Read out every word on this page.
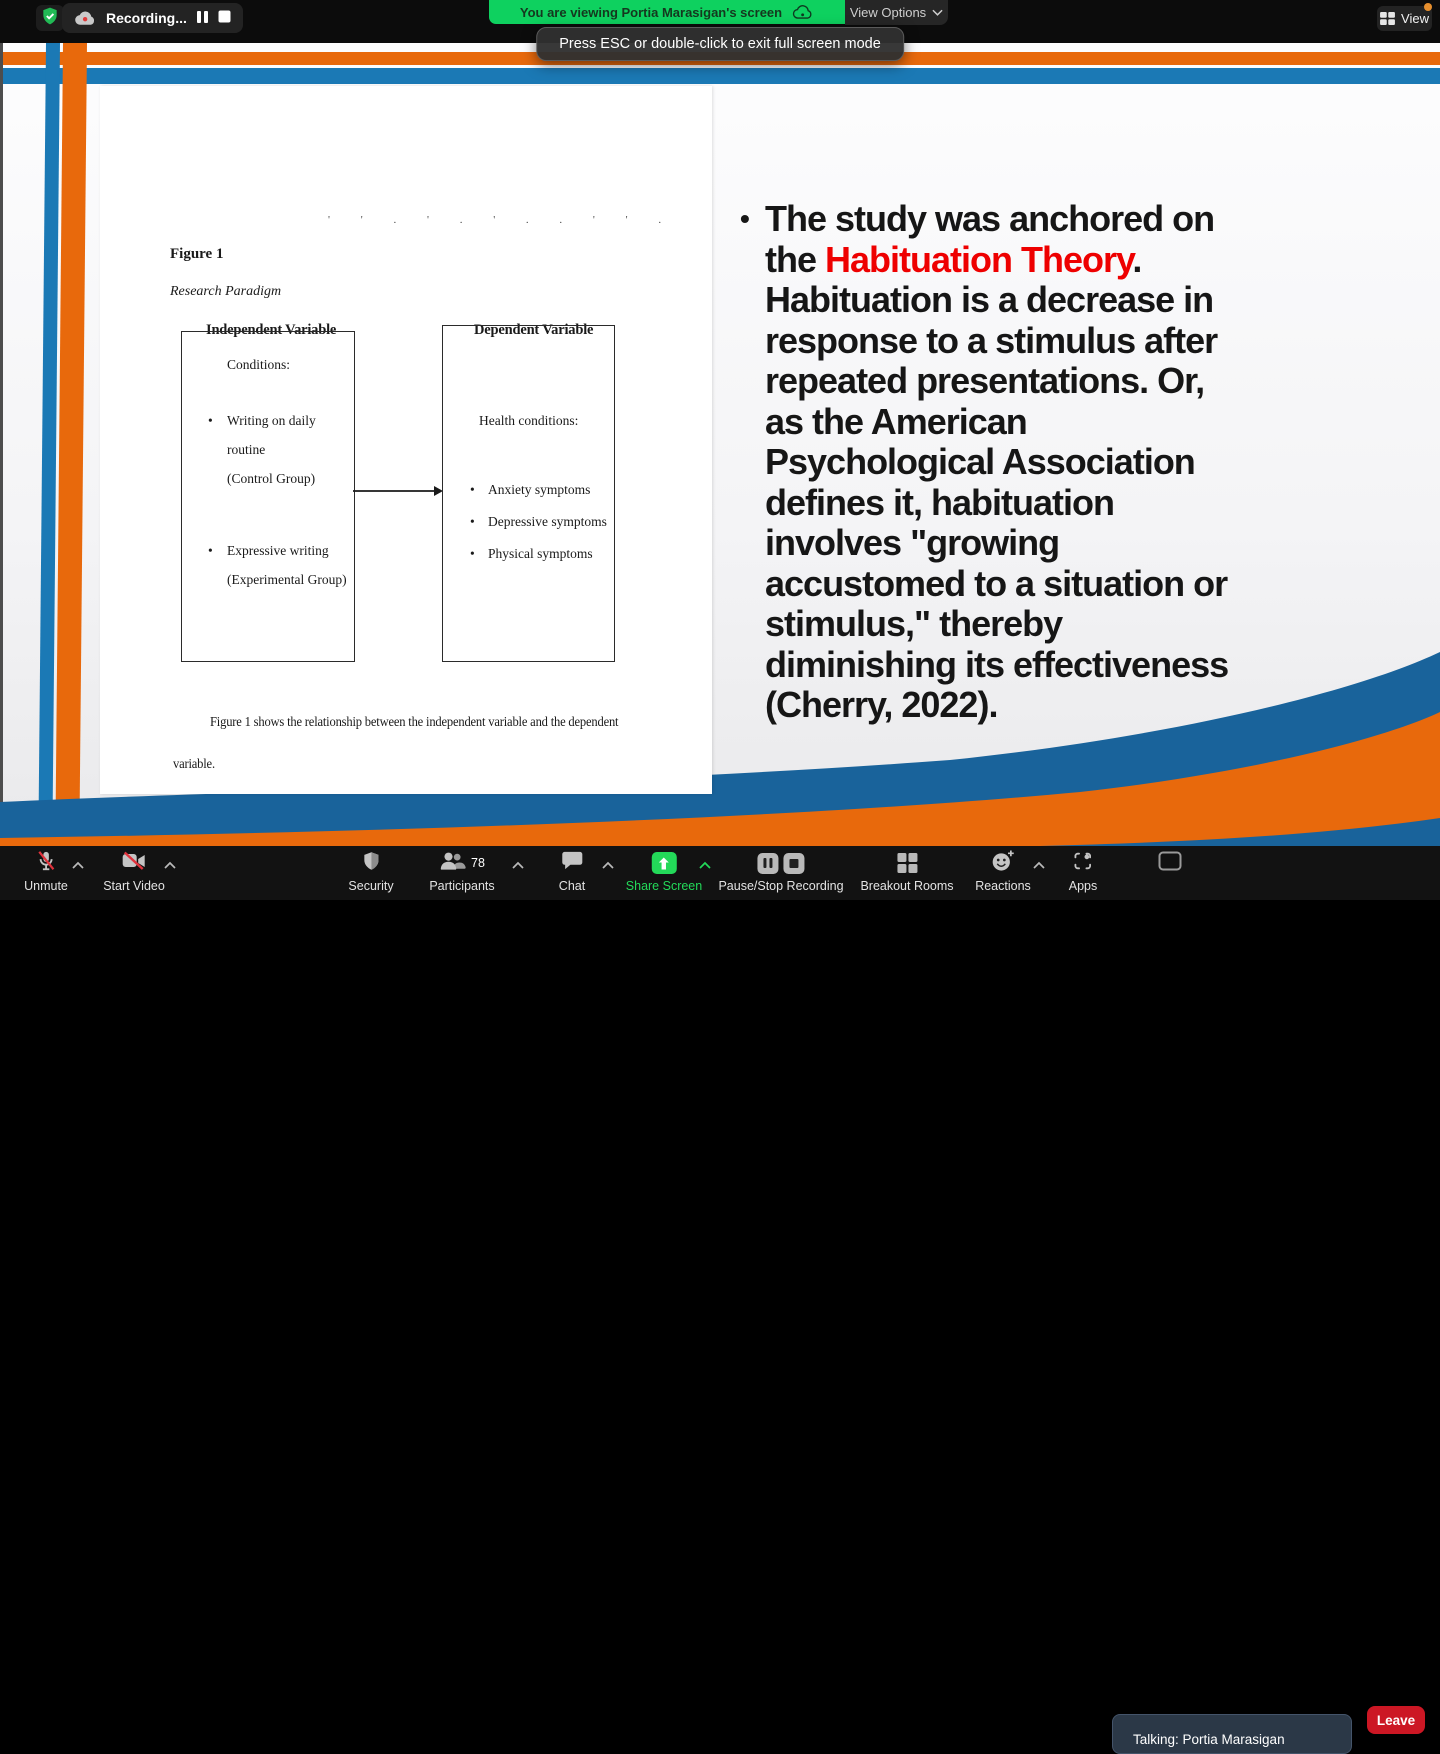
Recording...	You are viewing Portia Marasigan's screen	View Options	View
Press ESC or double-click to exit full screen mode
' ' . ' . ' . . ' ' .
Figure 1
Research Paradigm
Independent Variable	Dependent Variable
Conditions:
• Writing on daily
routine
(Control Group)
• Expressive writing
(Experimental Group)
Health conditions:
•
•
•
Anxiety symptoms
Depressive symptoms
Physical symptoms
Figure 1 shows the relationship between the independent variable and the dependent
variable.
• The study was anchored on
the Habituation Theory.
Habituation is a decrease in
response to a stimulus after
repeated presentations. Or,
as the American
Psychological Association
defines it, habituation
involves "growing
accustomed to a situation or
stimulus," thereby
diminishing its effectiveness
(Cherry, 2022).
Unmute	Start Video	Security
78
Participants	Chat	Share Screen Pause/Stop Recording Breakout Rooms Reactions	Apps
Talking: Portia Marasigan
Leave
